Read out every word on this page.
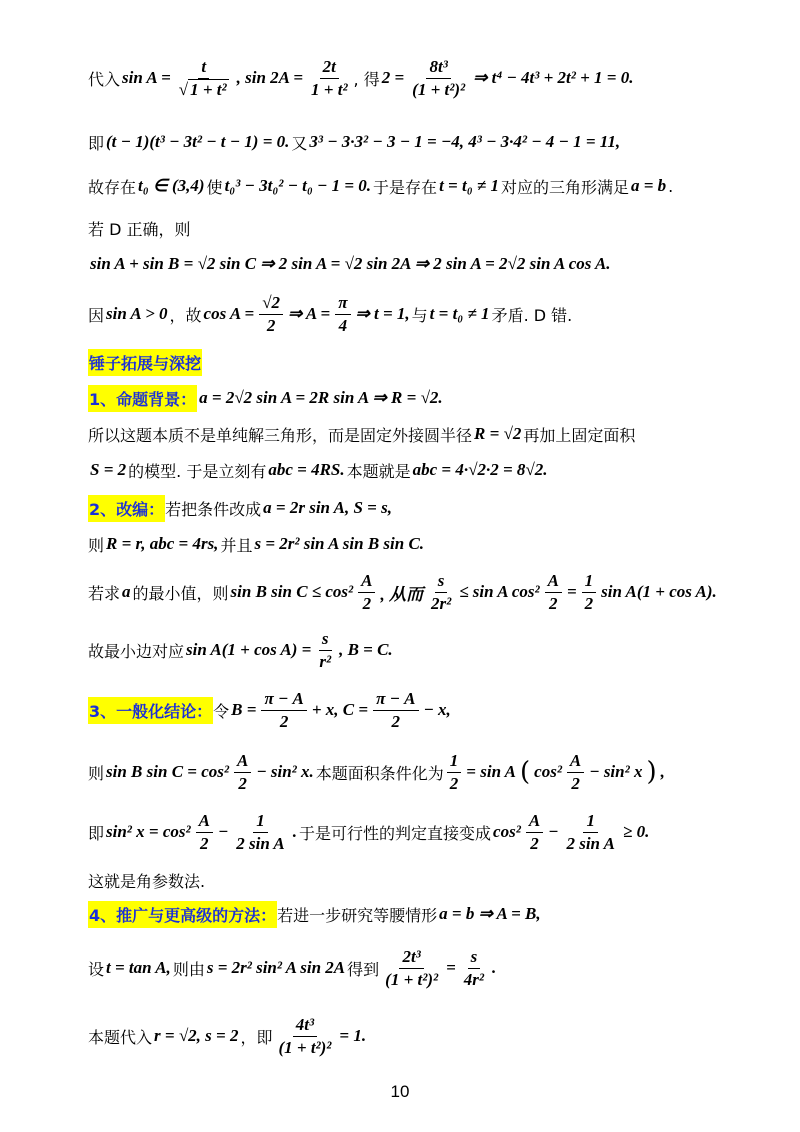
代入 $\sin A = \frac{t}{\text{√ 1 + t²}}$ , $\sin 2A = \frac{2t}{\text{1 + t²}}$ , 得 $2 = \frac{\text{8t³}}{\text{(1 + t²)²}}$ ⇒ t⁴ − 4t³ + 2t² + 1 = 0.
即 (t − 1)(t³ − 3t² − t − 1) = 0. 又 3³ − 3·3² − 3 − 1 = −4, 4³ − 3·4² − 4 − 1 = 11,
故存在 t₀ ∈ (3,4) 使 t₀³ − 3t₀² − t₀ − 1 = 0. 于是存在 t = t₀ ≠ 1 对应的三角形满足 a = b .
若 D 正确，则
sin A + sin B = √2 sin C ⇒ 2 sin A = √2 sin 2A ⇒ 2 sin A = 2√2 sin A cos A.
因 sin A > 0 ，故 $\cos A = \frac{√2}{2}$ ⇒ $A = \frac{\pi}{4}$ ⇒ t = 1, 与 t = t₀ ≠ 1 矛盾. D 错.
锤子拓展与深挖
1、命题背景： a = 2√2 sin A = 2R sin A ⇒ R = √2.
所以这题本质不是单纯解三角形，而是固定外接圆半径 R = √2 再加上固定面积
S = 2 的模型. 于是立刻有 abc = 4RS. 本题就是 abc = 4·√2·2 = 8√2.
2、改编： 若把条件改成 a = 2r sin A, S = s,
则 R = r, abc = 4rs, 并且 s = 2r² sin A sin B sin C.
若求 a 的最小值，则 sin B $\sin C \le \cos^2 \frac{A}{2}$ , 从而 $\frac{s}{\text{2r²}} \le \sin A$ $\cos^2 \frac{A}{2} = \frac{1}{2}$ sin A(1 + cos A).
故最小边对应 $\sin A(1 + \cos A) = \frac{s}{\text{r²}}$ , B = C.
3、一般化结论： 令 $B = \frac{\pi - A}{2} + x$, $C = \frac{\pi - A}{2} - x$,
则 sin B $\sin C = \cos^2 \frac{A}{2} - \sin^2$ x. 本题面积条件化为 $\frac{1}{2} = \sin A$ ( $\cos^2 \frac{A}{2} - \sin^2$ x ) ,
即 sin² $x = \cos^2 \frac{A}{2} - \frac{1}{\text{2 sin A}}$ . 于是可行性的判定直接变成 $\cos^2 \frac{A}{2} - \frac{1}{\text{2 sin A}} \ge 0$.
这就是角参数法.
4、推广与更高级的方法： 若进一步研究等腰情形 a = b ⇒ A = B,
设 t = tan A, 则由 s = 2r² sin² A sin 2A 得到 $\frac{\text{2t³}}{\text{(1 + t²)²}} = \frac{s}{\text{4r²}}$ .
本题代入 r = √2, s = 2 ，即 $\frac{\text{4t³}}{\text{(1 + t²)²}} = 1$.
10
